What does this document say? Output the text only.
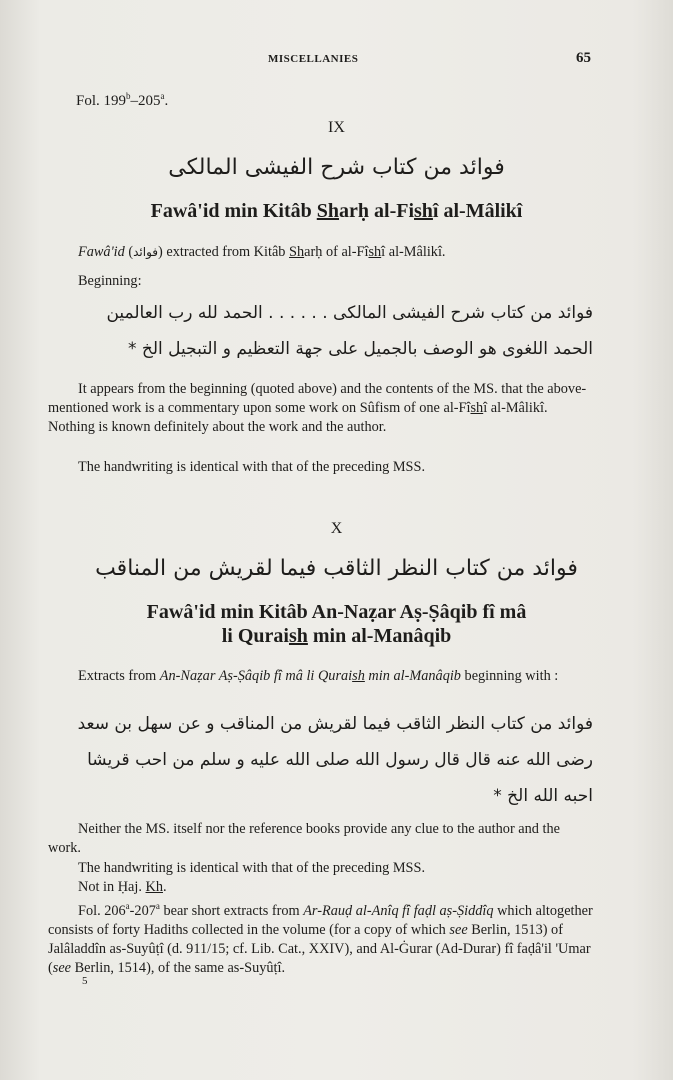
MISCELLANIES	65
Fol. 199$^b$–205$^a$.
IX
فوائد من كتاب شرح الفيشى المالكى
Fawâ'id min Kitâb Sharḥ al-Fishî al-Mâlikî
Fawâ'id (فوائد) extracted from Kitâb Sharḥ of al-Fîshî al-Mâlikî.
Beginning:
فوائد من كتاب شرح الفيشى المالكى . . . . . . الحمد لله رب العالمين
الحمد اللغوى هو الوصف بالجميل على جهة التعظيم و التبجيل الخ *
It appears from the beginning (quoted above) and the contents of the MS. that the above-mentioned work is a commentary upon some work on Sûfism of one al-Fîshî al-Mâlikî. Nothing is known definitely about the work and the author.
The handwriting is identical with that of the preceding MSS.
X
فوائد من كتاب النظر الثاقب فيما لقريش من المناقب
Fawâ'id min Kitâb An-Naẓar Aṣ-Ṣâqib fî mâ
li Quraish min al-Manâqib
Extracts from An-Naẓar Aṣ-Ṣâqib fî mâ li Quraish min al-Manâqib beginning with :
فوائد من كتاب النظر الثاقب فيما لقريش من المناقب و عن سهل بن سعد
رضى الله عنه قال قال رسول الله صلى الله عليه و سلم من احب قريشا
احبه الله الخ *
Neither the MS. itself nor the reference books provide any clue to the author and the work.
The handwriting is identical with that of the preceding MSS.
Not in Ḥaj. Kh.
Fol. 206$^a$-207$^a$ bear short extracts from Ar-Rauḍ al-Anîq fî faḍl aṣ-Ṣiddîq which altogether consists of forty Hadiths collected in the volume (for a copy of which see Berlin, 1513) of Jalâladdîn as-Suyûṭî (d. 911/15; cf. Lib. Cat., XXIV), and Al-Ġurar (Ad-Durar) fî faḍâ'il 'Umar (see Berlin, 1514), of the same as-Suyûṭî.
5
